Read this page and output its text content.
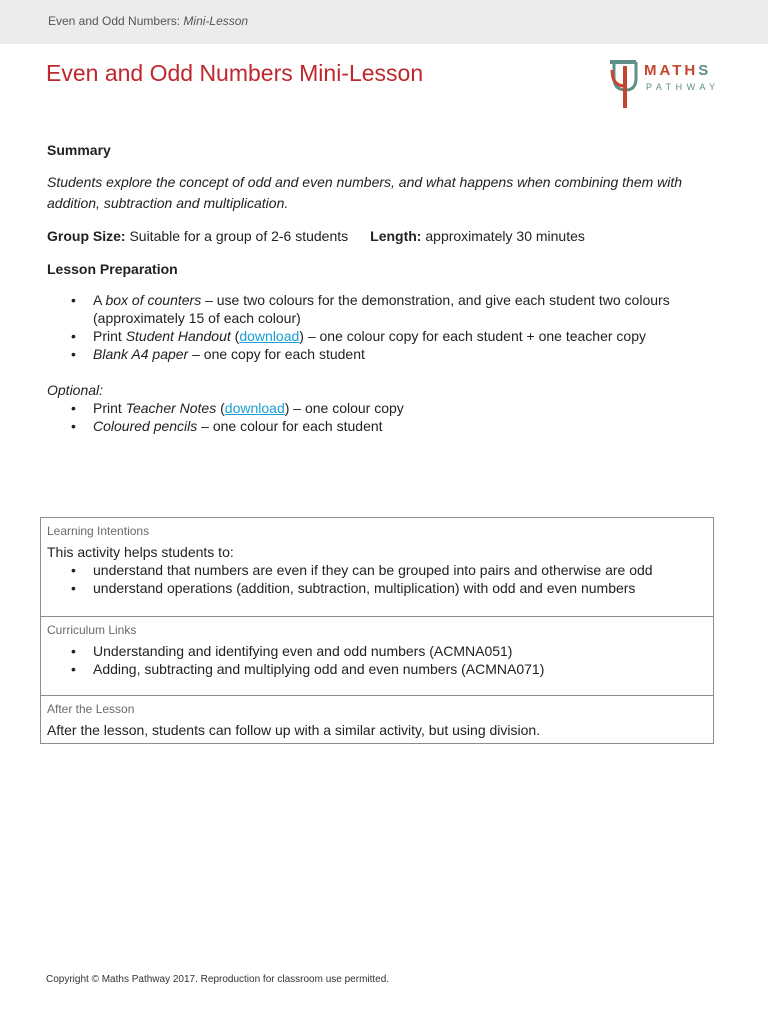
Even and Odd Numbers: Mini-Lesson
Even and Odd Numbers Mini-Lesson	MATHS
PATHWAY

Summary

Students explore the concept of odd and even numbers, and what happens when combining them with addition, subtraction and multiplication.

Group Size: Suitable for a group of 2-6 students Length: approximately 30 minutes

Lesson Preparation

• A box of counters – use two colours for the demonstration, and give each student two colours (approximately 15 of each colour)
• Print Student Handout (download) – one colour copy for each student + one teacher copy
• Blank A4 paper – one copy for each student

Optional:

• Print Teacher Notes (download) – one colour copy
• Coloured pencils – one colour for each student
Learning Intentions
This activity helps students to:
• understand that numbers are even if they can be grouped into pairs and otherwise are odd
• understand operations (addition, subtraction, multiplication) with odd and even numbers
Curriculum Links
• Understanding and identifying even and odd numbers (ACMNA051)
• Adding, subtracting and multiplying odd and even numbers (ACMNA071)
After the Lesson
After the lesson, students can follow up with a similar activity, but using division.
Copyright © Maths Pathway 2017. Reproduction for classroom use permitted.
